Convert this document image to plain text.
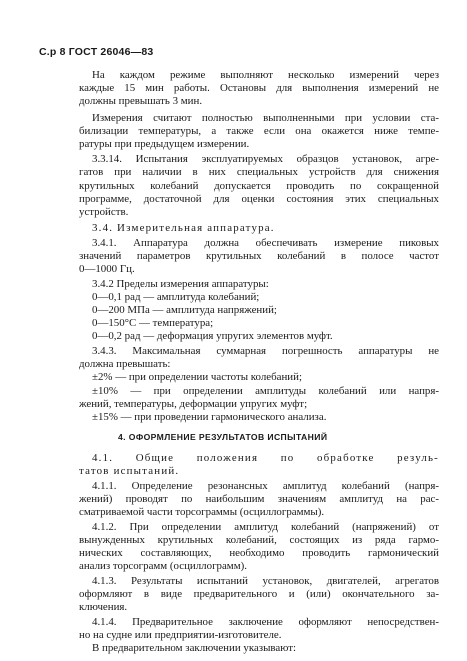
С.р 8 ГОСТ 26046—83
На каждом режиме выполняют несколько измерений через
каждые 15 мин работы. Остановы для выполнения измерений не
должны превышать 3 мин.
Измерения считают полностью выполненными при условии ста-
билизации температуры, а также если она окажется ниже темпе-
ратуры при предыдущем измерении.
3.3.14. Испытания эксплуатируемых образцов установок, агре-
гатов при наличии в них специальных устройств для снижения
крутильных колебаний допускается проводить по сокращенной
программе, достаточной для оценки состояния этих специальных
устройств.
3.4. Измерительная аппаратура.
3.4.1. Аппаратура должна обеспечивать измерение пиковых
значений параметров крутильных колебаний в полосе частот
0—1000 Гц.
3.4.2 Пределы измерения аппаратуры:
0—0,1 рад — амплитуда колебаний;
0—200 МПа — амплитуда напряжений;
0—150°С — температура;
0—0,2 рад — деформация упругих элементов муфт.
3.4.3. Максимальная суммарная погрешность аппаратуры не
должна превышать:
±2% — при определении частоты колебаний;
±10% — при определении амплитуды колебаний или напря-
жений, температуры, деформации упругих муфт;
±15% — при проведении гармонического анализа.
4. ОФОРМЛЕНИЕ РЕЗУЛЬТАТОВ ИСПЫТАНИЙ
4.1. Общие положения по обработке резуль-
татов испытаний.
4.1.1. Определение резонансных амплитуд колебаний (напря-
жений) проводят по наибольшим значениям амплитуд на рас-
сматриваемой части торсограммы (осциллограммы).
4.1.2. При определении амплитуд колебаний (напряжений) от
вынужденных крутильных колебаний, состоящих из ряда гармо-
нических составляющих, необходимо проводить гармонический
анализ торсограмм (осциллограмм).
4.1.3. Результаты испытаний установок, двигателей, агрегатов
оформляют в виде предварительного и (или) окончательного за-
ключения.
4.1.4. Предварительное заключение оформляют непосредствен-
но на судне или предприятии-изготовителе.
В предварительном заключении указывают:
